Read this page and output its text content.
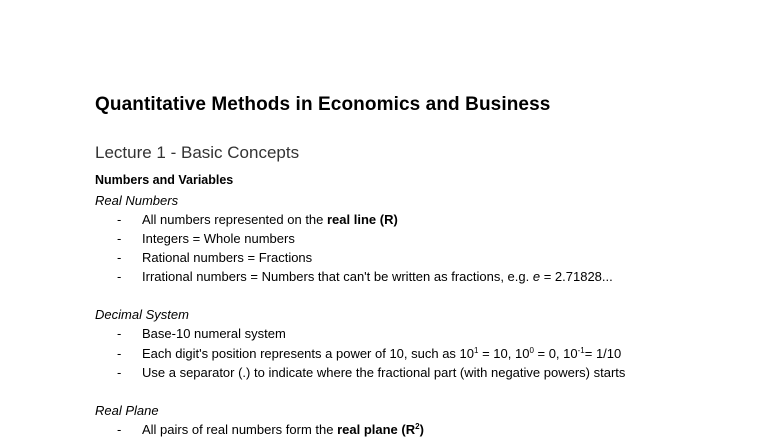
Quantitative Methods in Economics and Business
Lecture 1 - Basic Concepts
Numbers and Variables
Real Numbers
- All numbers represented on the real line (R)
- Integers = Whole numbers
- Rational numbers = Fractions
- Irrational numbers = Numbers that can't be written as fractions, e.g. e = 2.71828...
Decimal System
- Base-10 numeral system
- Each digit's position represents a power of 10, such as $10^1 = 10$, $10^0 = 0$, $10^{-1}= 1/10$
- Use a separator (.) to indicate where the fractional part (with negative powers) starts
Real Plane
- All pairs of real numbers form the real plane $(R^2)$
